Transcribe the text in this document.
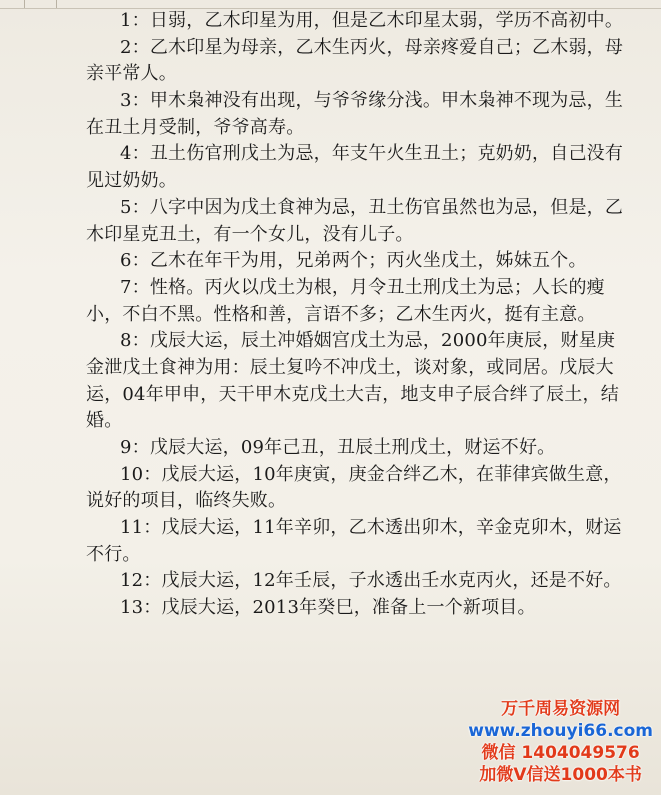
1：日弱，乙木印星为用，但是乙木印星太弱，学历不高初中。
2：乙木印星为母亲，乙木生丙火，母亲疼爱自己；乙木弱，母
亲平常人。
3：甲木枭神没有出现，与爷爷缘分浅。甲木枭神不现为忌，生
在丑土月受制，爷爷高寿。
4：丑土伤官刑戊土为忌，年支午火生丑土；克奶奶，自己没有
见过奶奶。
5：八字中因为戊土食神为忌，丑土伤官虽然也为忌，但是，乙
木印星克丑土，有一个女儿，没有儿子。
6：乙木在年干为用，兄弟两个；丙火坐戊土，姊妹五个。
7：性格。丙火以戊土为根，月令丑土刑戊土为忌；人长的瘦
小，不白不黑。性格和善，言语不多；乙木生丙火，挺有主意。
8：戊辰大运，辰土冲婚姻宫戊土为忌，2000年庚辰，财星庚
金泄戊土食神为用：辰土复吟不冲戊土，谈对象，或同居。戊辰大
运，04年甲申，天干甲木克戊土大吉，地支申子辰合绊了辰土，结
婚。
9：戊辰大运，09年己丑，丑辰土刑戊土，财运不好。
10：戊辰大运，10年庚寅，庚金合绊乙木，在菲律宾做生意，
说好的项目，临终失败。
11：戊辰大运，11年辛卯，乙木透出卯木，辛金克卯木，财运
不行。
12：戊辰大运，12年壬辰，子水透出壬水克丙火，还是不好。
13：戊辰大运，2013年癸巳，准备上一个新项目。
万千周易资源网
www.zhouyi66.com
微信 1404049576
加微V信送1000本书
